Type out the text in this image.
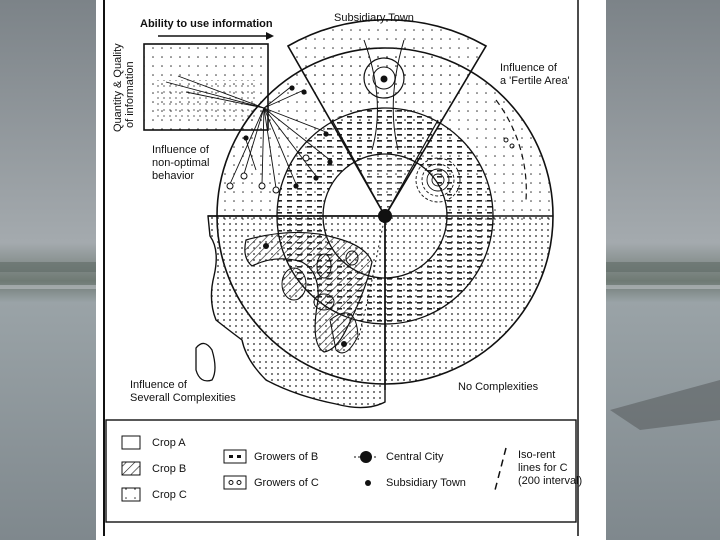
Ability to use information
Quantity & Quality of information
Subsidiary Town
Influence of
a 'Fertile Area'
Influence of
non-optimal
behavior
Influence of
Severall Complexities
No Complexities
Crop A
Crop B
Crop C
Growers of B
Growers of C
Central City
Subsidiary Town
Iso-rent
lines for C
(200 interval)
